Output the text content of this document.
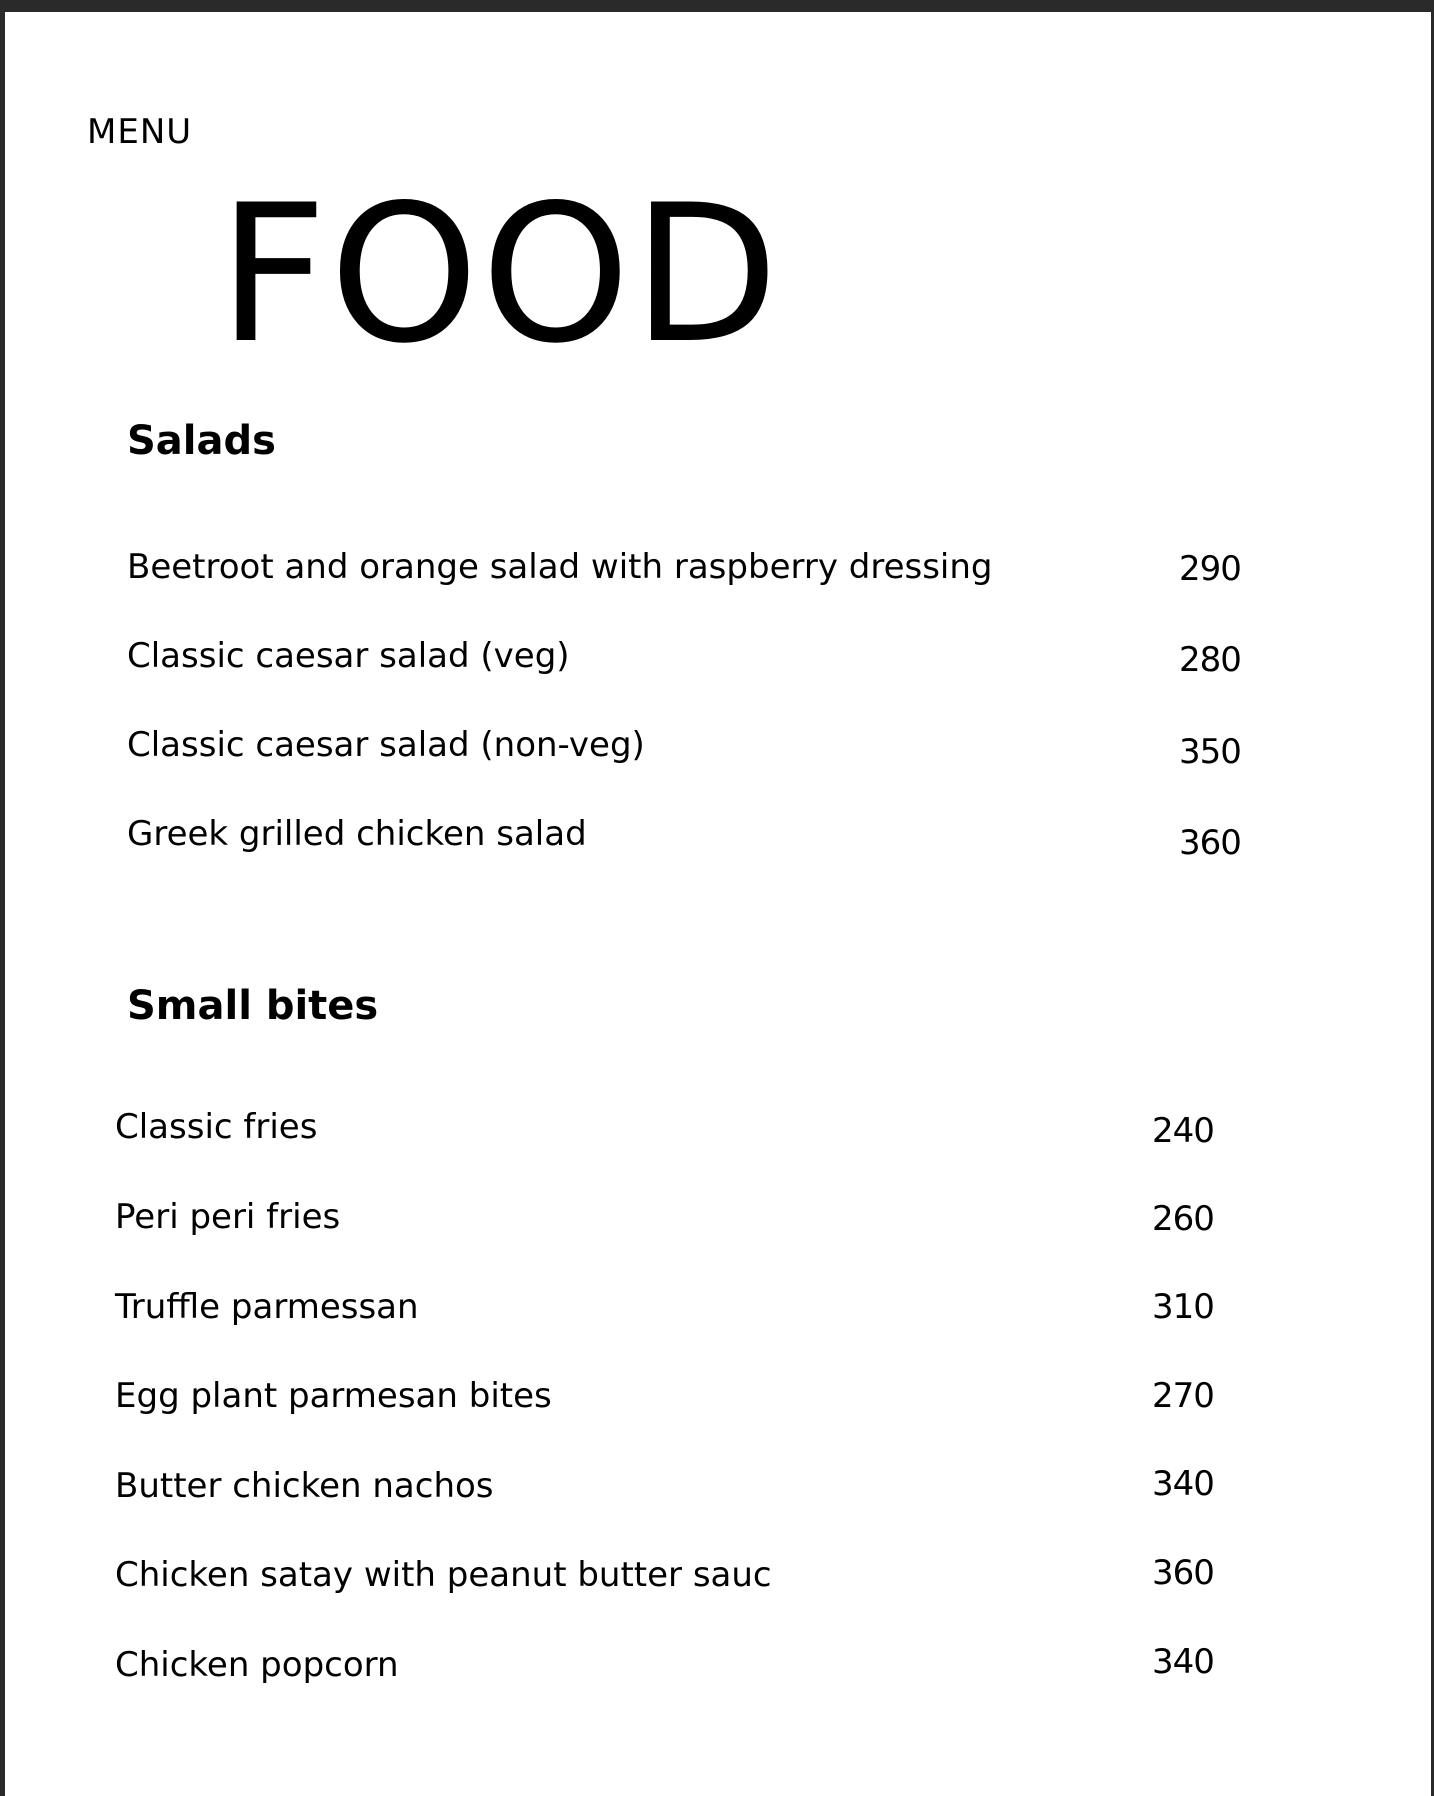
MENU
FOOD
Salads
Beetroot and orange salad with raspberry dressing	290
Classic caesar salad (veg)	280
Classic caesar salad (non-veg)	350
Greek grilled chicken salad	360
Small bites
Classic fries	240
Peri peri fries	260
Truffle parmessan	310
Egg plant parmesan bites	270
Butter chicken nachos	340
Chicken satay with peanut butter sauc	360
Chicken popcorn	340
